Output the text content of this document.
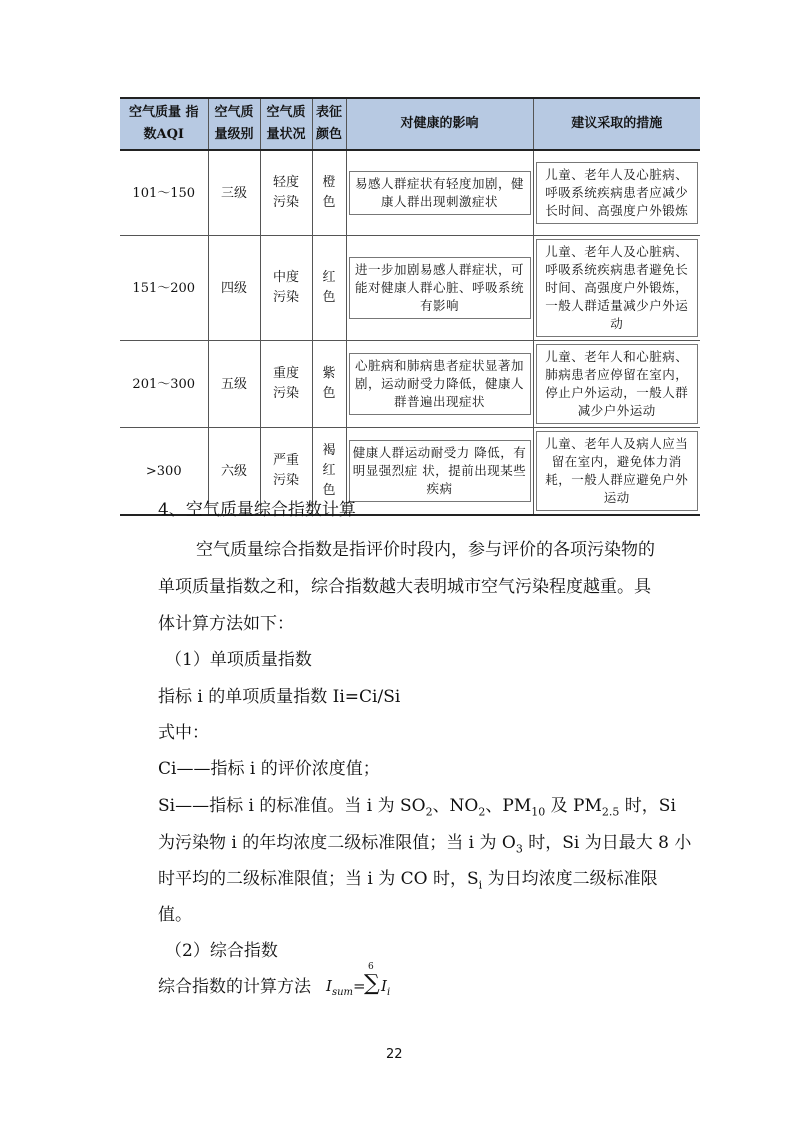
空气质量 指数AQI	空气质 量级别	空气质 量状况	表征 颜色	对健康的影响	建议采取的措施
101～150	三级	轻度 污染	橙色	易感人群症状有轻度加剧，健康人群出现刺激症状	儿童、老年人及心脏病、呼吸系统疾病患者应减少长时间、高强度户外锻炼

151～200	四级	中度 污染	红色	进一步加剧易感人群症状，可能对健康人群心脏、呼吸系统有影响	儿童、老年人及心脏病、呼吸系统疾病患者避免长时间、高强度户外锻炼，一般人群适量减少户外运动

201～300	五级	重度 污染	紫色	心脏病和肺病患者症状显著加剧，运动耐受力降低，健康人群普遍出现症状	儿童、老年人和心脏病、肺病患者应停留在室内，停止户外运动，一般人群减少户外运动

>300	六级	严重 污染	褐红 色	健康人群运动耐受力 降低，有明显强烈症 状，提前出现某些疾病	儿童、老年人及病人应当留在室内，避免体力消耗，一般人群应避免户外运动
4、空气质量综合指数计算
空气质量综合指数是指评价时段内，参与评价的各项污染物的
单项质量指数之和，综合指数越大表明城市空气污染程度越重。具
体计算方法如下：
（1）单项质量指数
指标 i 的单项质量指数 Ii=Ci/Si
式中：
Ci——指标 i 的评价浓度值；
Si——指标 i 的标准值。当 i 为 $SO_2$、$NO_2$、$PM_{10}$ 及 $PM_{2.5}$ 时，Si
为污染物 i 的年均浓度二级标准限值；当 i 为 $O_3$ 时，Si 为日最大 8 小
时平均的二级标准限值；当 i 为 CO 时，$S_i$ 为日均浓度二级标准限
值。
（2）综合指数
综合指数的计算方法 $I_{sum}=$
6
∑ $I_i$
22
